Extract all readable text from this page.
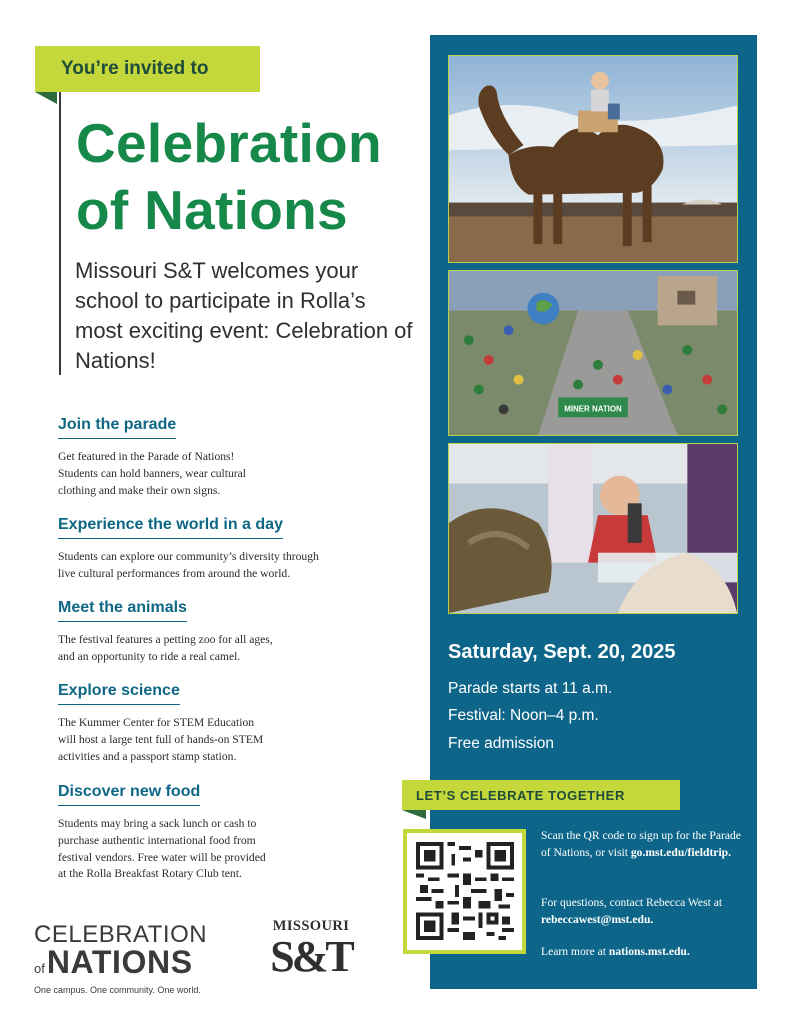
You’re invited to
Celebration
of Nations

Missouri S&T welcomes your school to participate in Rolla’s most exciting event: Celebration of Nations!

Join the parade

Get featured in the Parade of Nations!
Students can hold banners, wear cultural
clothing and make their own signs.

Experience the world in a day

Students can explore our community’s diversity through
live cultural performances from around the world.

Meet the animals

The festival features a petting zoo for all ages,
and an opportunity to ride a real camel.

Explore science

The Kummer Center for STEM Education
will host a large tent full of hands-on STEM
activities and a passport stamp station.

Discover new food

Students may bring a sack lunch or cash to
purchase authentic international food from
festival vendors. Free water will be provided
at the Rolla Breakfast Rotary Club tent.

MINER NATION
Saturday, Sept. 20, 2025
Parade starts at 11 a.m.
Festival: Noon–4 p.m.
Free admission
LET’S CELEBRATE TOGETHER

Scan the QR code to sign up for the Parade of Nations, or visit go.mst.edu/fieldtrip.

For questions, contact Rebecca West at rebeccawest@mst.edu.

Learn more at nations.mst.edu.

CELEBRATION
ofNATIONS
One campus. One community. One world.
MISSOURI
S&T
